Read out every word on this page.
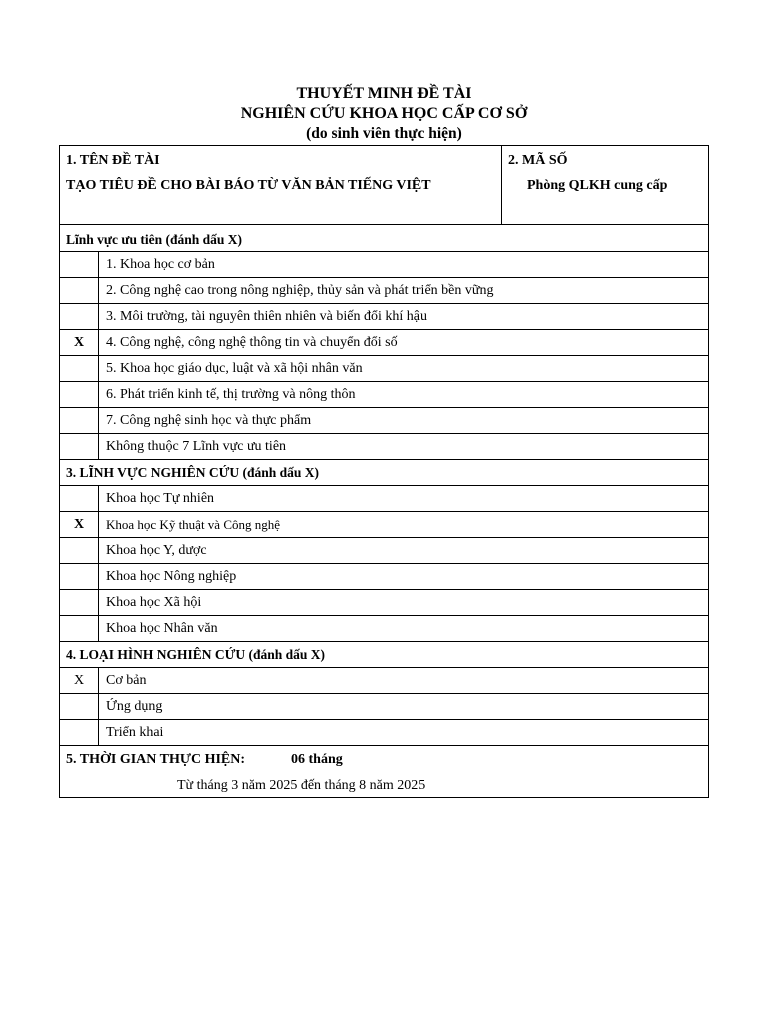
THUYẾT MINH ĐỀ TÀI
NGHIÊN CỨU KHOA HỌC CẤP CƠ SỞ
(do sinh viên thực hiện)
1. TÊN ĐỀ TÀI
TẠO TIÊU ĐỀ CHO BÀI BÁO TỪ VĂN BẢN TIẾNG VIỆT
2. MÃ SỐ
Phòng QLKH cung cấp
Lĩnh vực ưu tiên (đánh dấu X)
1. Khoa học cơ bản
2. Công nghệ cao trong nông nghiệp, thủy sản và phát triển bền vững
3. Môi trường, tài nguyên thiên nhiên và biến đổi khí hậu
X	4. Công nghệ, công nghệ thông tin và chuyển đổi số
5. Khoa học giáo dục, luật và xã hội nhân văn
6. Phát triển kinh tế, thị trường và nông thôn
7. Công nghệ sinh học và thực phẩm
Không thuộc 7 Lĩnh vực ưu tiên
3. LĨNH VỰC NGHIÊN CỨU (đánh dấu X)
Khoa học Tự nhiên
X	Khoa học Kỹ thuật và Công nghệ
Khoa học Y, dược
Khoa học Nông nghiệp
Khoa học Xã hội
Khoa học Nhân văn
4. LOẠI HÌNH NGHIÊN CỨU (đánh dấu X)
X	Cơ bản
Ứng dụng
Triển khai
5. THỜI GIAN THỰC HIỆN:	06 tháng
Từ tháng 3 năm 2025 đến tháng 8 năm 2025
